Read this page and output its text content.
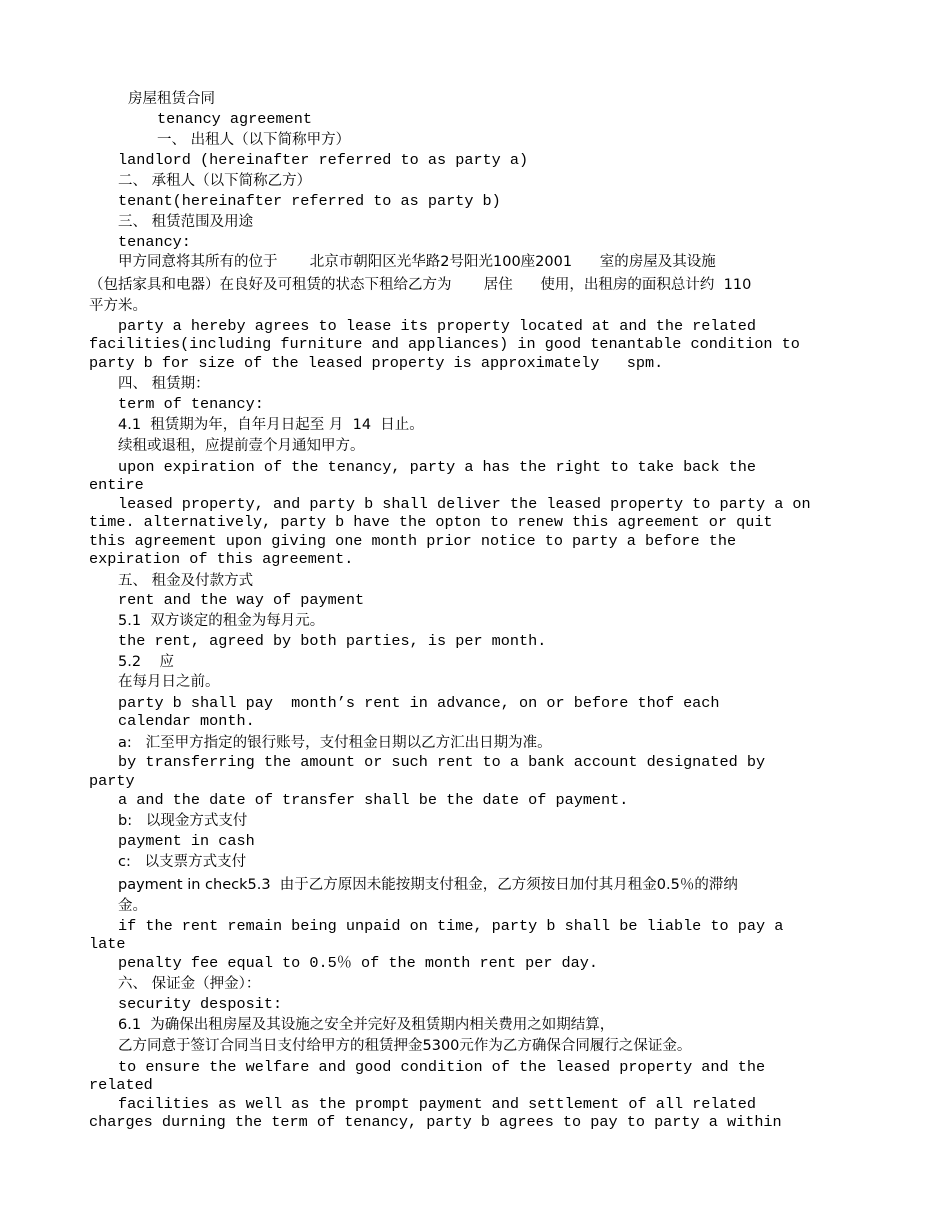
房屋租赁合同
tenancy agreement
一、 出租人（以下简称甲方）
landlord (hereinafter referred to as party a)
二、 承租人（以下简称乙方）
tenant(hereinafter referred to as party b)
三、 租赁范围及用途
tenancy:
甲方同意将其所有的位于       北京市朝阳区光华路2号阳光100座2001      室的房屋及其设施
（包括家具和电器）在良好及可租赁的状态下租给乙方为       居住      使用，出租房的面积总计约  110
平方米。
party a hereby agrees to lease its property located at and the related
facilities(including furniture and appliances) in good tenantable condition to
party b for size of the leased property is approximately   spm.
四、 租赁期：
term of tenancy:
4.1  租赁期为年，自年月日起至 月  14  日止。
续租或退租，应提前壹个月通知甲方。
upon expiration of the tenancy, party a has the right to take back the
entire
leased property, and party b shall deliver the leased property to party a on
time. alternatively, party b have the opton to renew this agreement or quit
this agreement upon giving one month prior notice to party a before the
expiration of this agreement.
五、 租金及付款方式
rent and the way of payment
5.1  双方谈定的租金为每月元。
the rent, agreed by both parties, is per month.
5.2    应
在每月日之前。
party b shall pay  month’s rent in advance, on or before thof each
calendar month.
a:   汇至甲方指定的银行账号，支付租金日期以乙方汇出日期为准。
by transferring the amount or such rent to a bank account designated by
party
a and the date of transfer shall be the date of payment.
b:   以现金方式支付
payment in cash
c:   以支票方式支付
payment in check5.3  由于乙方原因未能按期支付租金，乙方须按日加付其月租金0.5％的滞纳
金。
if the rent remain being unpaid on time, party b shall be liable to pay a
late
penalty fee equal to 0.5％ of the month rent per day.
六、 保证金（押金）：
security desposit:
6.1  为确保出租房屋及其设施之安全并完好及租赁期内相关费用之如期结算，
乙方同意于签订合同当日支付给甲方的租赁押金5300元作为乙方确保合同履行之保证金。
to ensure the welfare and good condition of the leased property and the
related
facilities as well as the prompt payment and settlement of all related
charges durning the term of tenancy, party b agrees to pay to party a within
